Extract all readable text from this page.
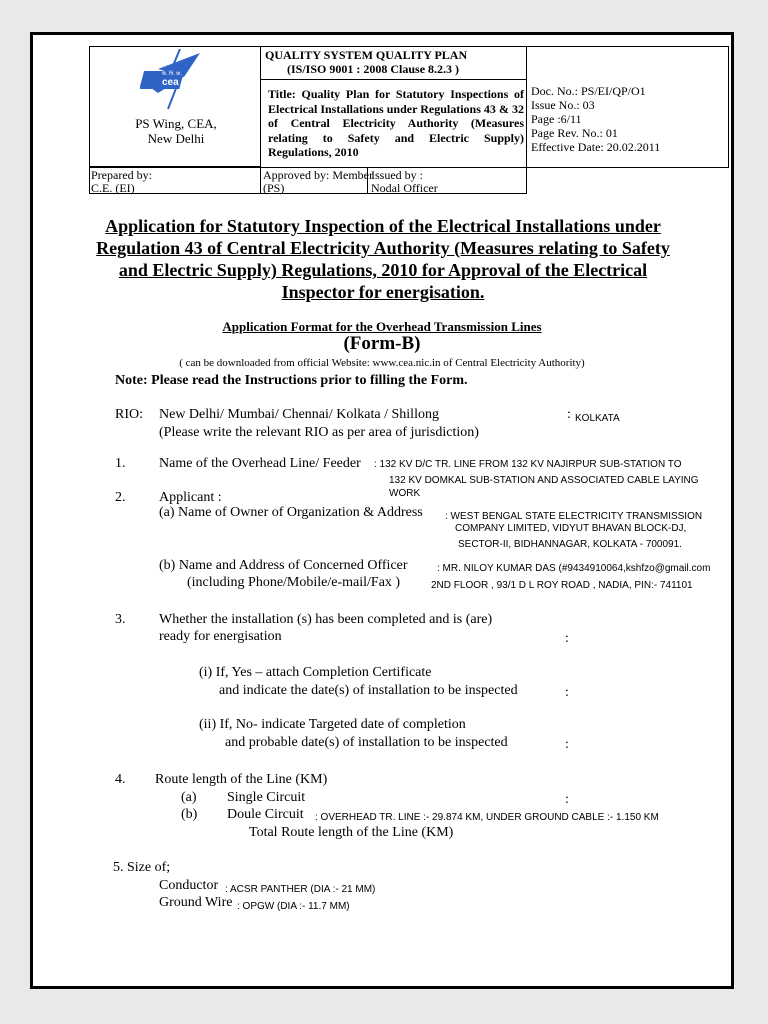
cea
के. वि. प्रा.
PS Wing, CEA,
New Delhi
QUALITY SYSTEM QUALITY PLAN
(IS/ISO 9001 : 2008 Clause 8.2.3 )
Title: Quality Plan for Statutory Inspections of Electrical Installations under Regulations 43 & 32 of Central Electricity Authority (Measures relating to Safety and Electric Supply) Regulations, 2010
Doc. No.: PS/EI/QP/O1
Issue No.: 03
Page :6/11
Page Rev. No.: 01
Effective Date: 20.02.2011
Prepared by:
C.E. (EI)
Approved by: Member
(PS)
Issued by :
Nodal Officer
Application for Statutory Inspection of the Electrical Installations under
Regulation 43 of Central Electricity Authority (Measures relating to Safety
and Electric Supply) Regulations, 2010 for Approval of the Electrical
Inspector for energisation.
Application Format for the Overhead Transmission Lines
(Form-B)
( can be downloaded from official Website: www.cea.nic.in of Central Electricity Authority)
Note: Please read the Instructions prior to filling the Form.
RIO: New Delhi/ Mumbai/ Chennai/ Kolkata / Shillong	: KOLKATA
(Please write the relevant RIO as per area of jurisdiction)
1. Name of the Overhead Line/ Feeder : 132 KV D/C TR. LINE FROM 132 KV NAJIRPUR SUB-STATION TO
132 KV DOMKAL SUB-STATION AND ASSOCIATED CABLE LAYING
WORK
2. Applicant :
(a) Name of Owner of Organization & Address : WEST BENGAL STATE ELECTRICITY TRANSMISSION
COMPANY LIMITED, VIDYUT BHAVAN BLOCK-DJ,
SECTOR-II, BIDHANNAGAR, KOLKATA - 700091.
(b) Name and Address of Concerned Officer
(including Phone/Mobile/e-mail/Fax )
: MR. NILOY KUMAR DAS (#9434910064,kshfzo@gmail.com
2ND FLOOR , 93/1 D L ROY ROAD , NADIA, PIN:- 741101
3. Whether the installation (s) has been completed and is (are)
ready for energisation	:
(i) If, Yes – attach Completion Certificate
and indicate the date(s) of installation to be inspected	:
(ii) If, No- indicate Targeted date of completion
and probable date(s) of installation to be inspected	:
4. Route length of the Line (KM)
(a) Single Circuit	:
(b) Doule Circuit : OVERHEAD TR. LINE :- 29.874 KM, UNDER GROUND CABLE :- 1.150 KM
Total Route length of the Line (KM)
5. Size of;
Conductor : ACSR PANTHER (DIA :- 21 MM)
Ground Wire : OPGW (DIA :- 11.7 MM)
